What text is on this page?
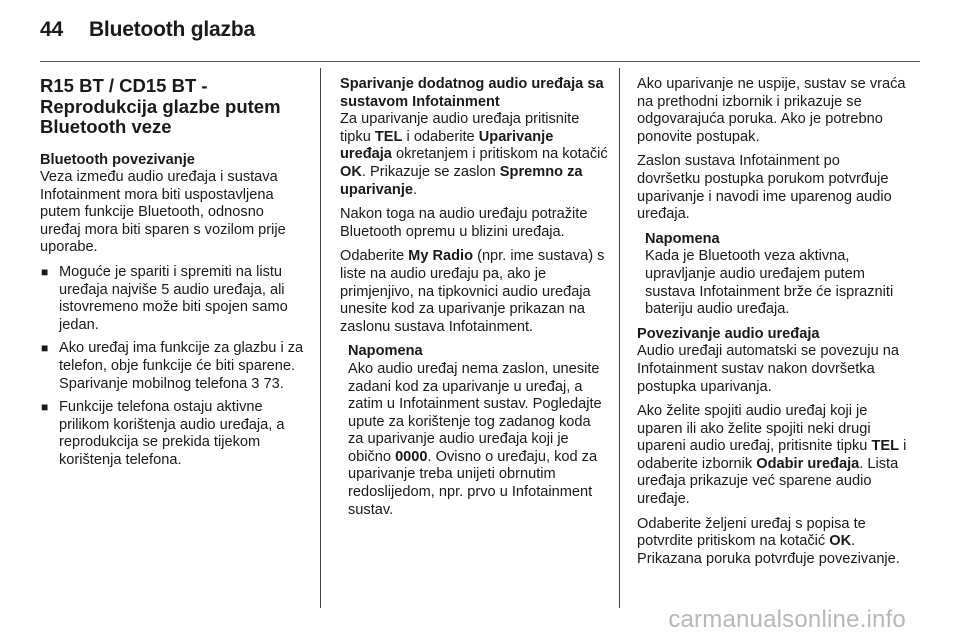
44 Bluetooth glazba
R15 BT / CD15 BT - Reprodukcija glazbe putem Bluetooth veze
Bluetooth povezivanje

Veza između audio uređaja i sustava Infotainment mora biti uspostavljena putem funkcije Bluetooth, odnosno uređaj mora biti sparen s vozilom prije uporabe.

■ Moguće je spariti i spremiti na listu uređaja najviše 5 audio uređaja, ali istovremeno može biti spojen samo jedan.
■ Ako uređaj ima funkcije za glazbu i za telefon, obje funkcije će biti sparene. Sparivanje mobilnog telefona 3 73.
■ Funkcije telefona ostaju aktivne prilikom korištenja audio uređaja, a reprodukcija se prekida tijekom korištenja telefona.
Sparivanje dodatnog audio uređaja sa sustavom Infotainment

Za uparivanje audio uređaja pritisnite tipku TEL i odaberite Uparivanje uređaja okretanjem i pritiskom na kotačić OK. Prikazuje se zaslon Spremno za uparivanje.

Nakon toga na audio uređaju potražite Bluetooth opremu u blizini uređaja.

Odaberite My Radio (npr. ime sustava) s liste na audio uređaju pa, ako je primjenjivo, na tipkovnici audio uređaja unesite kod za uparivanje prikazan na zaslonu sustava Infotainment.

Napomena
Ako audio uređaj nema zaslon, unesite zadani kod za uparivanje u uređaj, a zatim u Infotainment sustav. Pogledajte upute za korištenje tog zadanog koda za uparivanje audio uređaja koji je obično 0000. Ovisno o uređaju, kod za uparivanje treba unijeti obrnutim redoslijedom, npr. prvo u Infotainment sustav.

Ako uparivanje ne uspije, sustav se vraća na prethodni izbornik i prikazuje se odgovarajuća poruka. Ako je potrebno ponovite postupak.

Zaslon sustava Infotainment po dovršetku postupka porukom potvrđuje uparivanje i navodi ime uparenog audio uređaja.

Napomena
Kada je Bluetooth veza aktivna, upravljanje audio uređajem putem sustava Infotainment brže će isprazniti bateriju audio uređaja.
Povezivanje audio uređaja

Audio uređaji automatski se povezuju na Infotainment sustav nakon dovršetka postupka uparivanja.

Ako želite spojiti audio uređaj koji je uparen ili ako želite spojiti neki drugi upareni audio uređaj, pritisnite tipku TEL i odaberite izbornik Odabir uređaja. Lista uređaja prikazuje već sparene audio uređaje.

Odaberite željeni uređaj s popisa te potvrdite pritiskom na kotačić OK. Prikazana poruka potvrđuje povezivanje.

carmanualsonline.info
